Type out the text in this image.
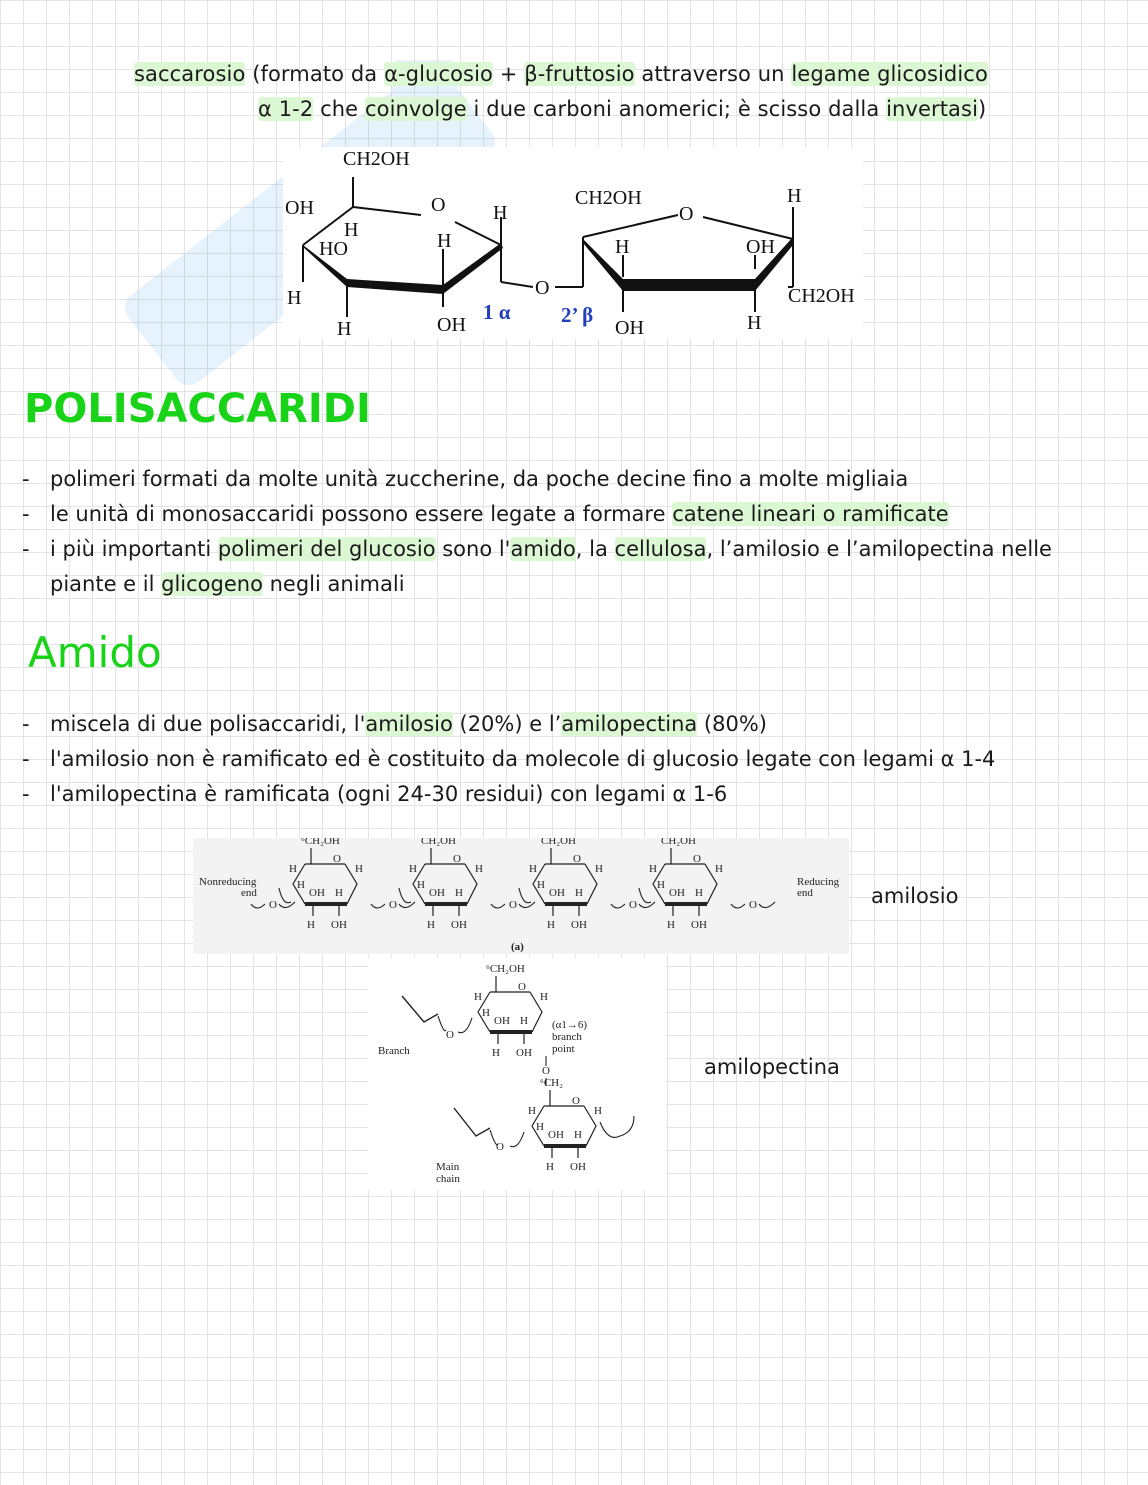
saccarosio (formato da α-glucosio + β-fruttosio attraverso un legame glicosidico
α 1-2 che coinvolge i due carboni anomerici; è scisso dalla invertasi)
CH2OH
OH
H
HO
O H
H
H
H	OH
O
CH2OH
O
H
H	OH
CH2OH
OH	H
1 α 2’ β
POLISACCARIDI
- polimeri formati da molte unità zuccherine, da poche decine fino a molte migliaia
- le unità di monosaccaridi possono essere legate a formare catene lineari o ramificate
- i più importanti polimeri del glucosio sono l'amido, la cellulosa, l’amilosio e l’amilopectina nelle
piante e il glicogeno negli animali
Amido
- miscela di due polisaccaridi, l'amilosio (20%) e l’amilopectina (80%)
- l'amilosio non è ramificato ed è costituito da molecole di glucosio legate con legami α 1-4
- l'amilopectina è ramificata (ogni 24-30 residui) con legami α 1-6
Nonreducing
end
Reducing
end
(a)
⁶CH₂OH
O
H	H
H
OH H
H OH
CH₂OH
O
H	H
H
OH H
H OH
CH₂OH
O
H	H
H
OH H
H OH
CH₂OH
O
H	H
H
OH H
H OH
O	O	O	O	O	amilosio
Branch
(α1→6)
branch
point
Main
chain
⁶CH₂OH
O
H	H
H
OH H
H OH
⁶CH₂
O
H	H
H
OH H
H OH
O
O
O
amilopectina
